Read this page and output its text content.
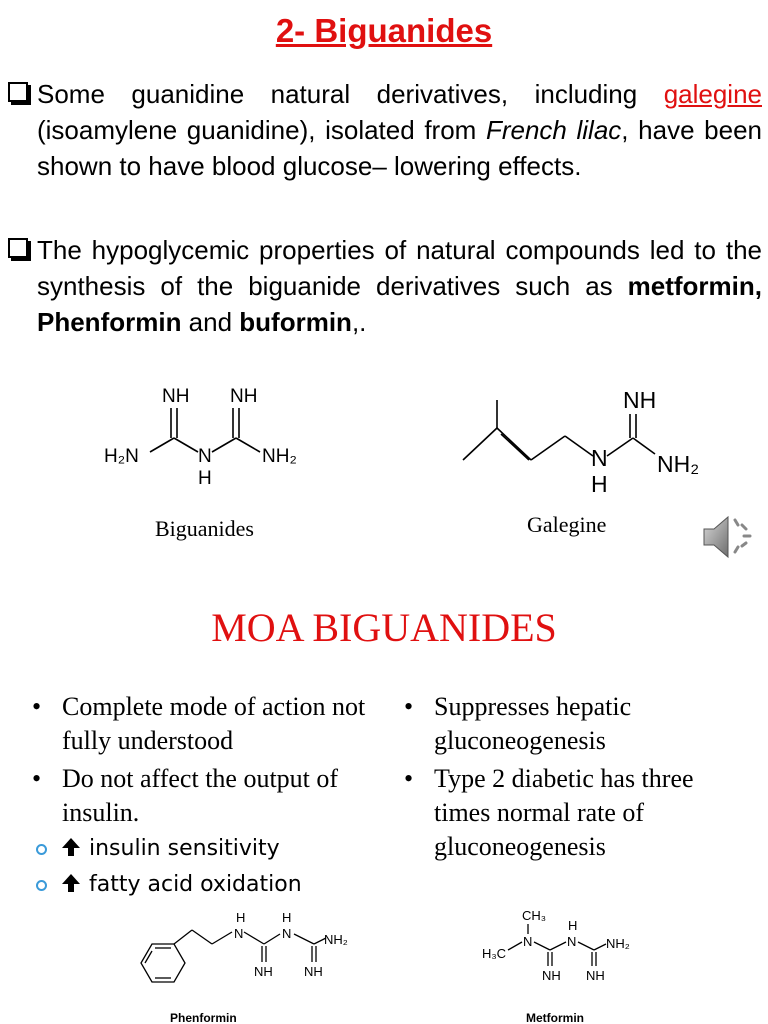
2- Biguanides
Some guanidine natural derivatives, including galegine (isoamylene guanidine), isolated from French lilac, have been shown to have blood glucose– lowering effects.
The hypoglycemic properties of natural compounds led to the synthesis of the biguanide derivatives such as metformin, Phenformin and buformin,.
NH NH
H₂N	N
H
NH₂
Biguanides
NH
N
H
NH₂
Galegine
MOA BIGUANIDES
• Complete mode of action not fully understood
• Do not affect the output of insulin.
insulin sensitivity
fatty acid oxidation
• Suppresses hepatic gluconeogenesis
• Type 2 diabetic has three times normal rate of gluconeogenesis
H
N
H
N	NH₂
NH NH
Phenformin
CH₃
N
H₃C
H
N NH₂
NH NH
Metformin
